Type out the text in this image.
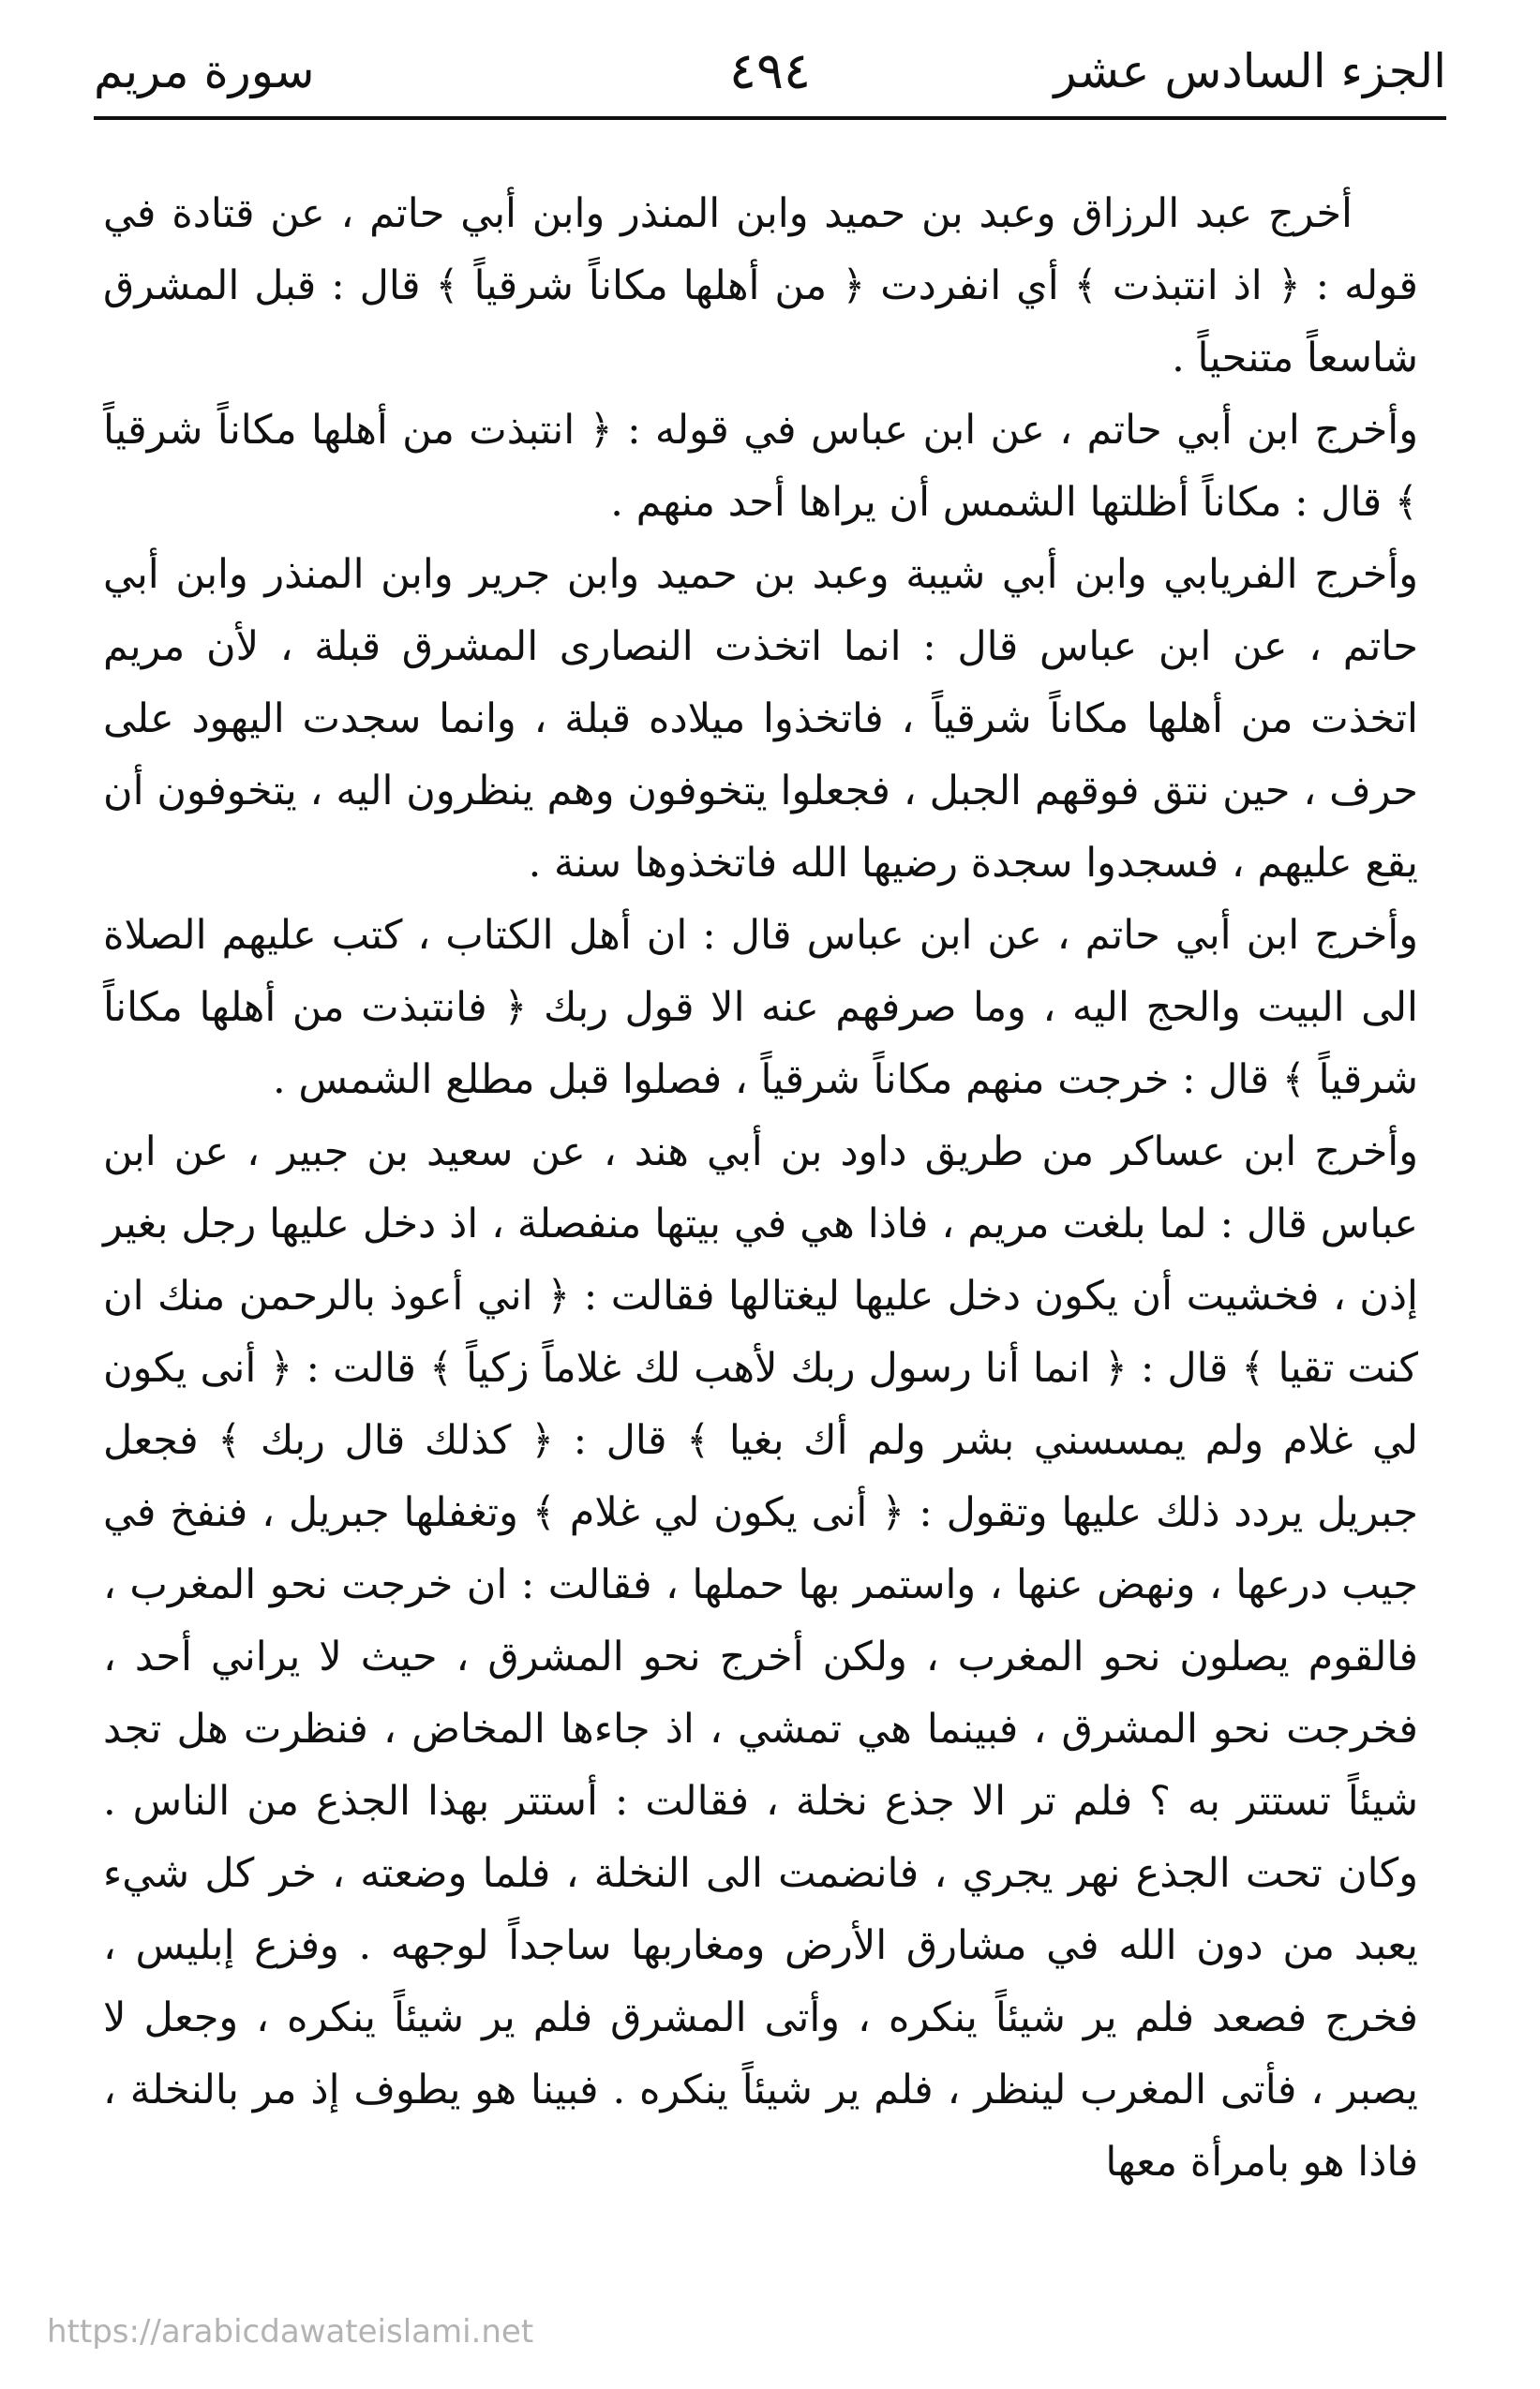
الجزء السادس عشر
٤٩٤
سورة مريم

أخرج عبد الرزاق وعبد بن حميد وابن المنذر وابن أبي حاتم ، عن قتادة في قوله : ﴿ اذ انتبذت ﴾ أي انفردت ﴿ من أهلها مكاناً شرقياً ﴾ قال : قبل المشرق شاسعاً متنحياً .

وأخرج ابن أبي حاتم ، عن ابن عباس في قوله : ﴿ انتبذت من أهلها مكاناً شرقياً ﴾ قال : مكاناً أظلتها الشمس أن يراها أحد منهم .

وأخرج الفريابي وابن أبي شيبة وعبد بن حميد وابن جرير وابن المنذر وابن أبي حاتم ، عن ابن عباس قال : انما اتخذت النصارى المشرق قبلة ، لأن مريم اتخذت من أهلها مكاناً شرقياً ، فاتخذوا ميلاده قبلة ، وانما سجدت اليهود على حرف ، حين نتق فوقهم الجبل ، فجعلوا يتخوفون وهم ينظرون اليه ، يتخوفون أن يقع عليهم ، فسجدوا سجدة رضيها الله فاتخذوها سنة .

وأخرج ابن أبي حاتم ، عن ابن عباس قال : ان أهل الكتاب ، كتب عليهم الصلاة الى البيت والحج اليه ، وما صرفهم عنه الا قول ربك ﴿ فانتبذت من أهلها مكاناً شرقياً ﴾ قال : خرجت منهم مكاناً شرقياً ، فصلوا قبل مطلع الشمس .

وأخرج ابن عساكر من طريق داود بن أبي هند ، عن سعيد بن جبير ، عن ابن عباس قال : لما بلغت مريم ، فاذا هي في بيتها منفصلة ، اذ دخل عليها رجل بغير إذن ، فخشيت أن يكون دخل عليها ليغتالها فقالت : ﴿ اني أعوذ بالرحمن منك ان كنت تقيا ﴾ قال : ﴿ انما أنا رسول ربك لأهب لك غلاماً زكياً ﴾ قالت : ﴿ أنى يكون لي غلام ولم يمسسني بشر ولم أك بغيا ﴾ قال : ﴿ كذلك قال ربك ﴾ فجعل جبريل يردد ذلك عليها وتقول : ﴿ أنى يكون لي غلام ﴾ وتغفلها جبريل ، فنفخ في جيب درعها ، ونهض عنها ، واستمر بها حملها ، فقالت : ان خرجت نحو المغرب ، فالقوم يصلون نحو المغرب ، ولكن أخرج نحو المشرق ، حيث لا يراني أحد ، فخرجت نحو المشرق ، فبينما هي تمشي ، اذ جاءها المخاض ، فنظرت هل تجد شيئاً تستتر به ؟ فلم تر الا جذع نخلة ، فقالت : أستتر بهذا الجذع من الناس . وكان تحت الجذع نهر يجري ، فانضمت الى النخلة ، فلما وضعته ، خر كل شيء يعبد من دون الله في مشارق الأرض ومغاربها ساجداً لوجهه . وفزع إبليس ، فخرج فصعد فلم ير شيئاً ينكره ، وأتى المشرق فلم ير شيئاً ينكره ، وجعل لا يصبر ، فأتى المغرب لينظر ، فلم ير شيئاً ينكره . فبينا هو يطوف إذ مر بالنخلة ، فاذا هو بامرأة معها

https://arabicdawateislami.net
